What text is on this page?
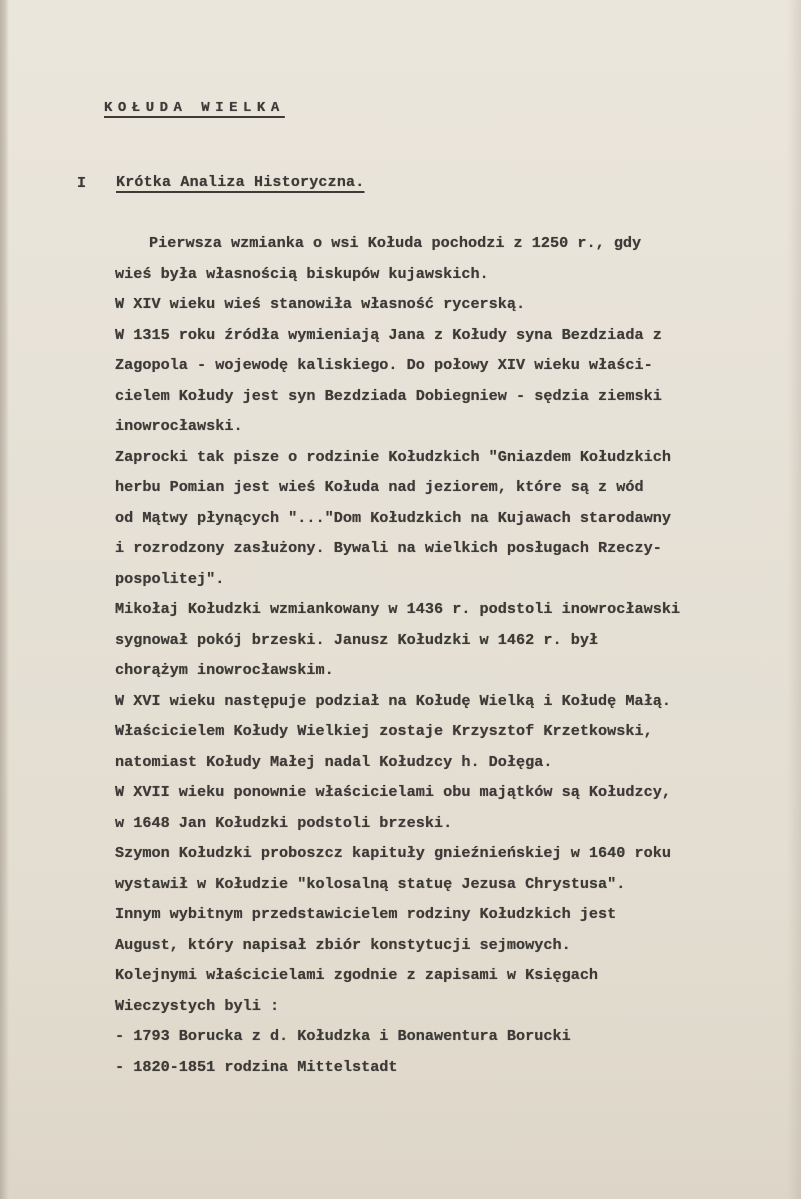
KOŁUDA WIELKA
I Krótka Analiza Historyczna.
Pierwsza wzmianka o wsi Kołuda pochodzi z 1250 r., gdy
wieś była własnością biskupów kujawskich.
W XIV wieku wieś stanowiła własność rycerską.
W 1315 roku źródła wymieniają Jana z Kołudy syna Bezdziada z
Zagopola - wojewodę kaliskiego. Do połowy XIV wieku właści-
cielem Kołudy jest syn Bezdziada Dobiegniew - sędzia ziemski
inowrocławski.
Zaprocki tak pisze o rodzinie Kołudzkich "Gniazdem Kołudzkich
herbu Pomian jest wieś Kołuda nad jeziorem, które są z wód
od Mątwy płynących "..."Dom Kołudzkich na Kujawach starodawny
i rozrodzony zasłużony. Bywali na wielkich posługach Rzeczy-
pospolitej".
Mikołaj Kołudzki wzmiankowany w 1436 r. podstoli inowrocławski
sygnował pokój brzeski. Janusz Kołudzki w 1462 r. był
chorążym inowrocławskim.
W XVI wieku następuje podział na Kołudę Wielką i Kołudę Małą.
Właścicielem Kołudy Wielkiej zostaje Krzysztof Krzetkowski,
natomiast Kołudy Małej nadal Kołudzcy h. Dołęga.
W XVII wieku ponownie właścicielami obu majątków są Kołudzcy,
w 1648 Jan Kołudzki podstoli brzeski.
Szymon Kołudzki proboszcz kapituły gnieźnieńskiej w 1640 roku
wystawił w Kołudzie "kolosalną statuę Jezusa Chrystusa".
Innym wybitnym przedstawicielem rodziny Kołudzkich jest
August, który napisał zbiór konstytucji sejmowych.
Kolejnymi właścicielami zgodnie z zapisami w Księgach
Wieczystych byli :
- 1793 Borucka z d. Kołudzka i Bonawentura Borucki
- 1820-1851 rodzina Mittelstadt
